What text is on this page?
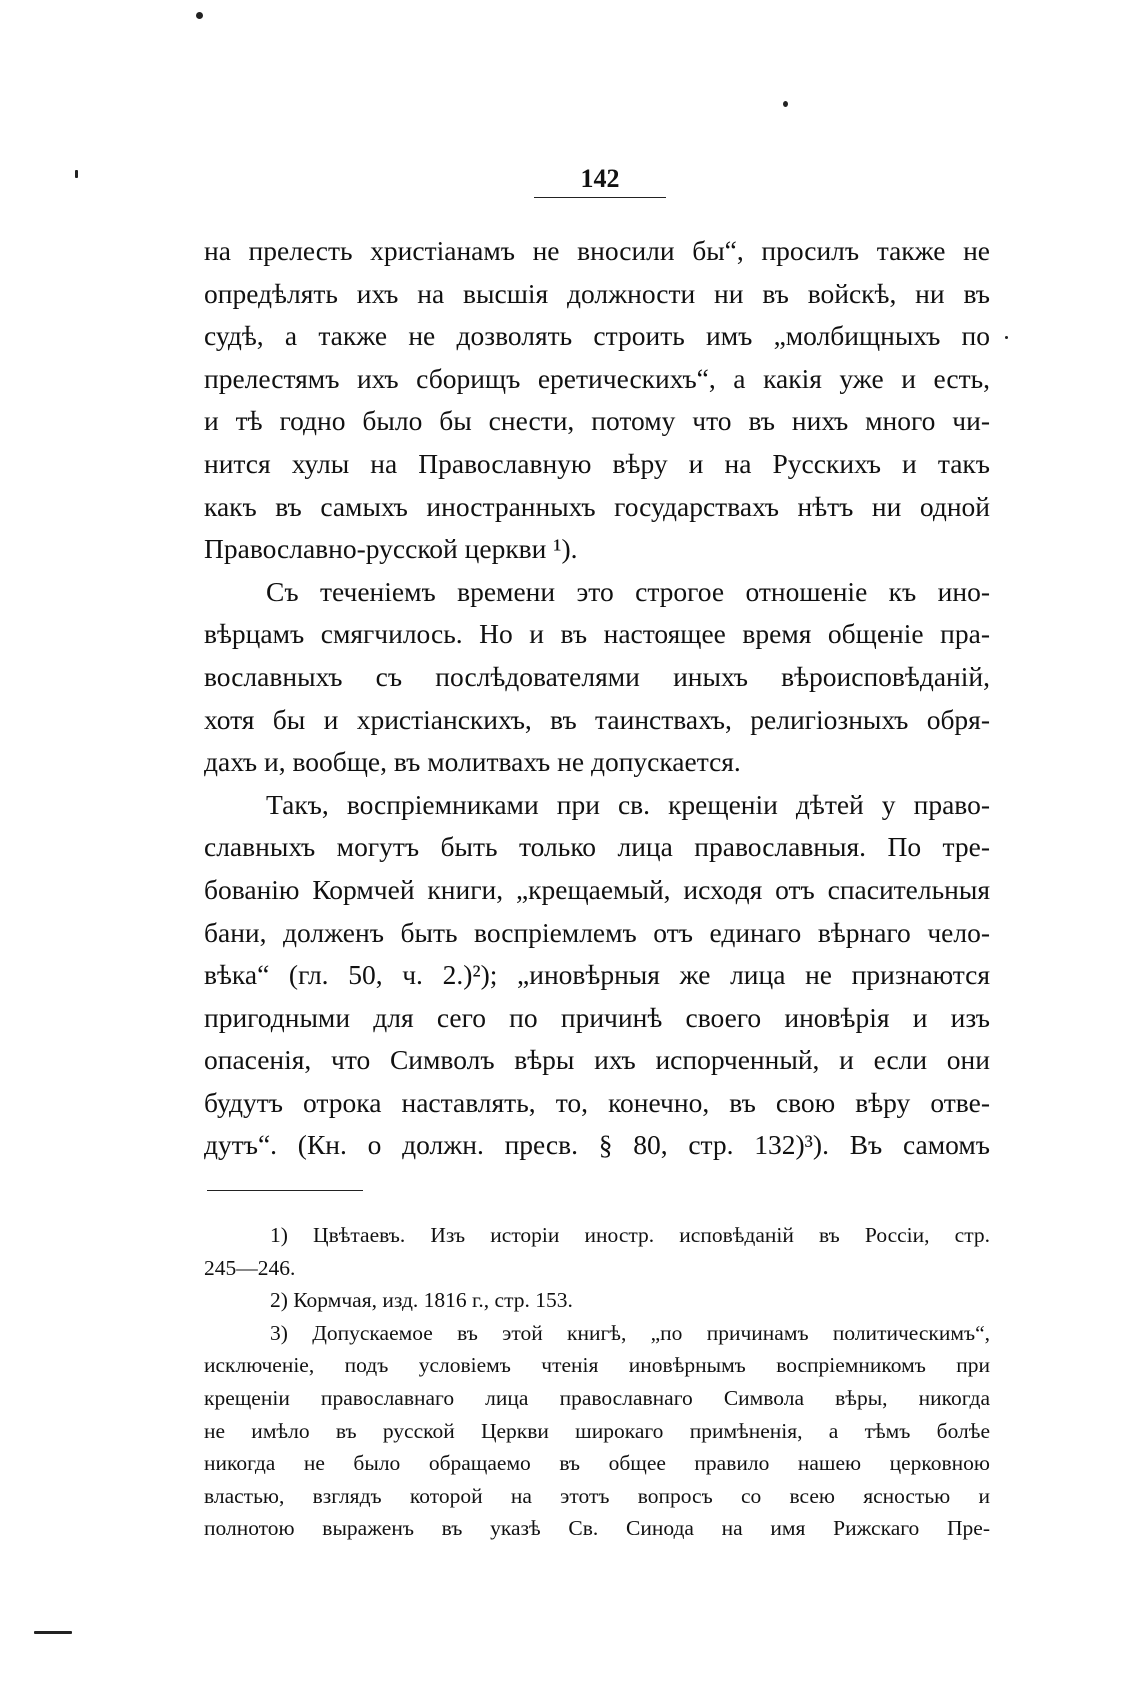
142
на прелесть христіанамъ не вносили бы“, просилъ также не
опредѣлять ихъ на высшія должности ни въ войскѣ, ни въ
судѣ, а также не дозволять строить имъ „молбищныхъ по
прелестямъ ихъ сборищъ еретическихъ“, а какія уже и есть,
и тѣ годно было бы снести, потому что въ нихъ много чи-
нится хулы на Православную вѣру и на Русскихъ и такъ
какъ въ самыхъ иностранныхъ государствахъ нѣтъ ни одной
Православно-русской церкви ¹).
Съ теченіемъ времени это строгое отношеніе къ ино-
вѣрцамъ смягчилось. Но и въ настоящее время общеніе пра-
вославныхъ съ послѣдователями иныхъ вѣроисповѣданій,
хотя бы и христіанскихъ, въ таинствахъ, религіозныхъ обря-
дахъ и, вообще, въ молитвахъ не допускается.
Такъ, воспріемниками при св. крещеніи дѣтей у право-
славныхъ могутъ быть только лица православныя. По тре-
бованію Кормчей книги, „крещаемый, исходя отъ спасительныя
бани, долженъ быть воспріемлемъ отъ единаго вѣрнаго чело-
вѣка“ (гл. 50, ч. 2.)²); „иновѣрныя же лица не признаются
пригодными для сего по причинѣ своего иновѣрія и изъ
опасенія, что Символъ вѣры ихъ испорченный, и если они
будутъ отрока наставлять, то, конечно, въ свою вѣру отве-
дутъ“. (Кн. о должн. пресв. § 80, стр. 132)³). Въ самомъ
1) Цвѣтаевъ. Изъ исторіи иностр. исповѣданій въ Россіи, стр.
245—246.
2) Кормчая, изд. 1816 г., стр. 153.
3) Допускаемое въ этой книгѣ, „по причинамъ политическимъ“,
исключеніе, подъ условіемъ чтенія иновѣрнымъ воспріемникомъ при
крещеніи православнаго лица православнаго Символа вѣры, никогда
не имѣло въ русской Церкви широкаго примѣненія, а тѣмъ болѣе
никогда не было обращаемо въ общее правило нашею церковною
властью, взглядъ которой на этотъ вопросъ со всею ясностью и
полнотою выраженъ въ указѣ Св. Синода на имя Рижскаго Пре-
